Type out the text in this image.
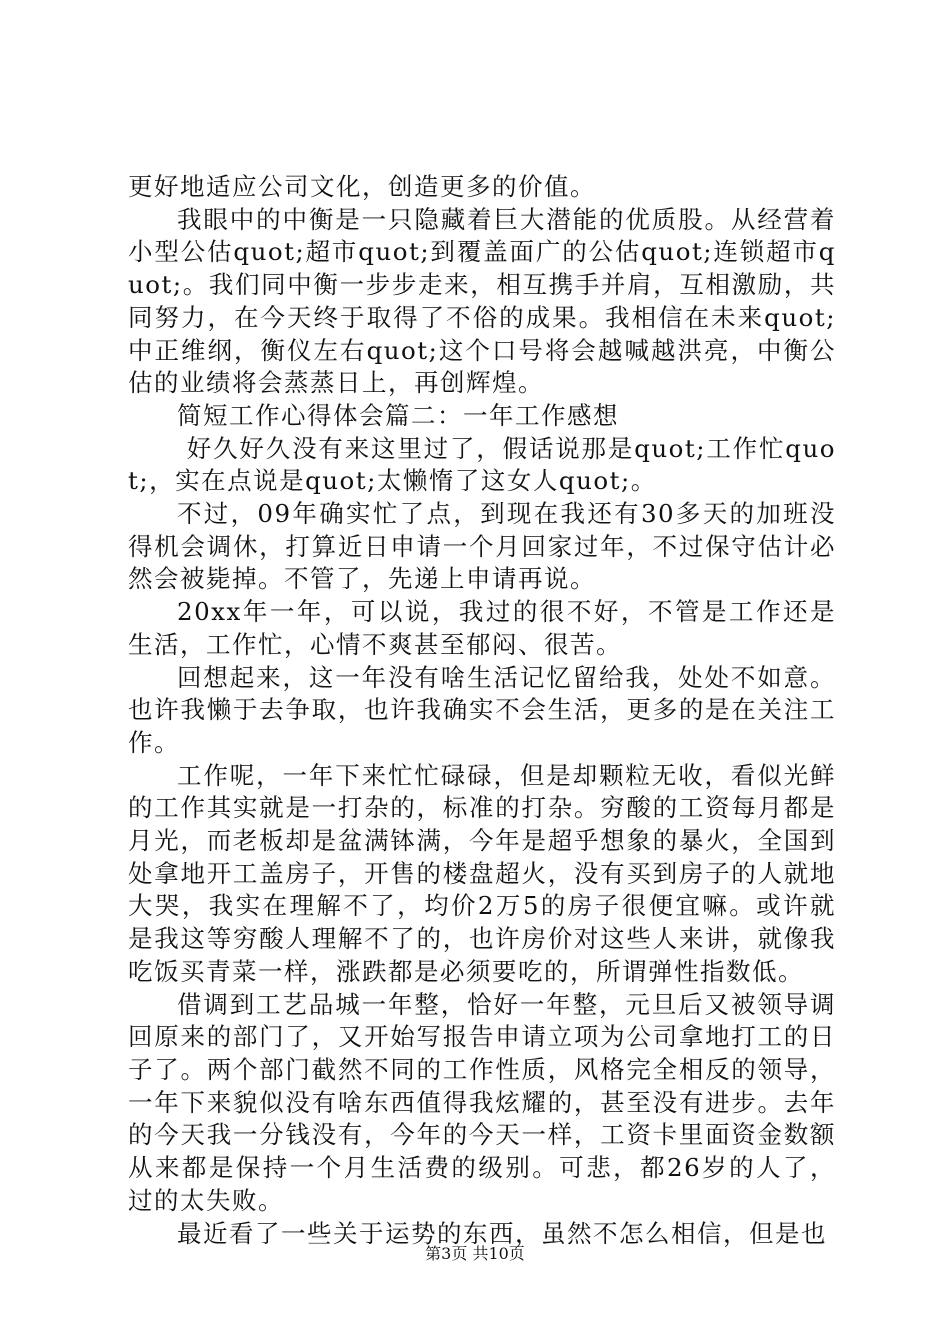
更好地适应公司文化，创造更多的价值。

我眼中的中衡是一只隐藏着巨大潜能的优质股。从经营着小型公估quot;超市quot;到覆盖面广的公估quot;连锁超市quot;。我们同中衡一步步走来，相互携手并肩，互相激励，共同努力，在今天终于取得了不俗的成果。我相信在未来quot;中正维纲，衡仪左右quot;这个口号将会越喊越洪亮，中衡公估的业绩将会蒸蒸日上，再创辉煌。

简短工作心得体会篇二：一年工作感想

好久好久没有来这里过了，假话说那是quot;工作忙quot;，实在点说是quot;太懒惰了这女人quot;。

不过，09年确实忙了点，到现在我还有30多天的加班没得机会调休，打算近日申请一个月回家过年，不过保守估计必然会被毙掉。不管了，先递上申请再说。

20xx年一年，可以说，我过的很不好，不管是工作还是生活，工作忙，心情不爽甚至郁闷、很苦。

回想起来，这一年没有啥生活记忆留给我，处处不如意。也许我懒于去争取，也许我确实不会生活，更多的是在关注工作。

工作呢，一年下来忙忙碌碌，但是却颗粒无收，看似光鲜的工作其实就是一打杂的，标准的打杂。穷酸的工资每月都是月光，而老板却是盆满钵满，今年是超乎想象的暴火，全国到处拿地开工盖房子，开售的楼盘超火，没有买到房子的人就地大哭，我实在理解不了，均价2万5的房子很便宜嘛。或许就是我这等穷酸人理解不了的，也许房价对这些人来讲，就像我吃饭买青菜一样，涨跌都是必须要吃的，所谓弹性指数低。

借调到工艺品城一年整，恰好一年整，元旦后又被领导调回原来的部门了，又开始写报告申请立项为公司拿地打工的日子了。两个部门截然不同的工作性质，风格完全相反的领导，一年下来貌似没有啥东西值得我炫耀的，甚至没有进步。去年的今天我一分钱没有，今年的今天一样，工资卡里面资金数额从来都是保持一个月生活费的级别。可悲，都26岁的人了，过的太失败。

最近看了一些关于运势的东西，虽然不怎么相信，但是也

第3页 共10页
